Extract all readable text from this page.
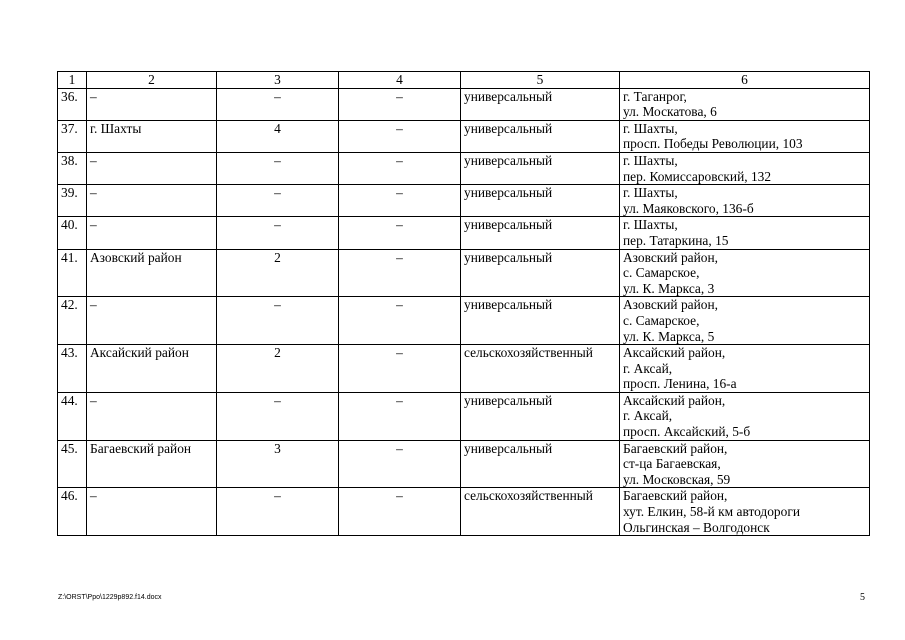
1	2	3	4	5	6
36.	–	–	–	универсальный	г. Таганрог,
ул. Москатова, 6

37.	г. Шахты	4	–	универсальный	г. Шахты,
просп. Победы Революции, 103

38.	–	–	–	универсальный	г. Шахты,
пер. Комиссаровский, 132

39.	–	–	–	универсальный	г. Шахты,
ул. Маяковского, 136-б

40.	–	–	–	универсальный	г. Шахты,
пер. Татаркина, 15

41.	Азовский район	2	–	универсальный	Азовский район,
с. Самарское,
ул. К. Маркса, 3

42.	–	–	–	универсальный	Азовский район,
с. Самарское,
ул. К. Маркса, 5

43.	Аксайский район	2	–	сельскохозяйственный	Аксайский район,
г. Аксай,
просп. Ленина, 16-а

44.	–	–	–	универсальный	Аксайский район,
г. Аксай,
просп. Аксайский, 5-б

45.	Багаевский район	3	–	универсальный	Багаевский район,
ст-ца Багаевская,
ул. Московская, 59

46.	–	–	–	сельскохозяйственный	Багаевский район,
хут. Елкин, 58-й км автодороги
Ольгинская – Волгодонск
Z:\ORST\Ppo\1229p892.f14.docx	5
